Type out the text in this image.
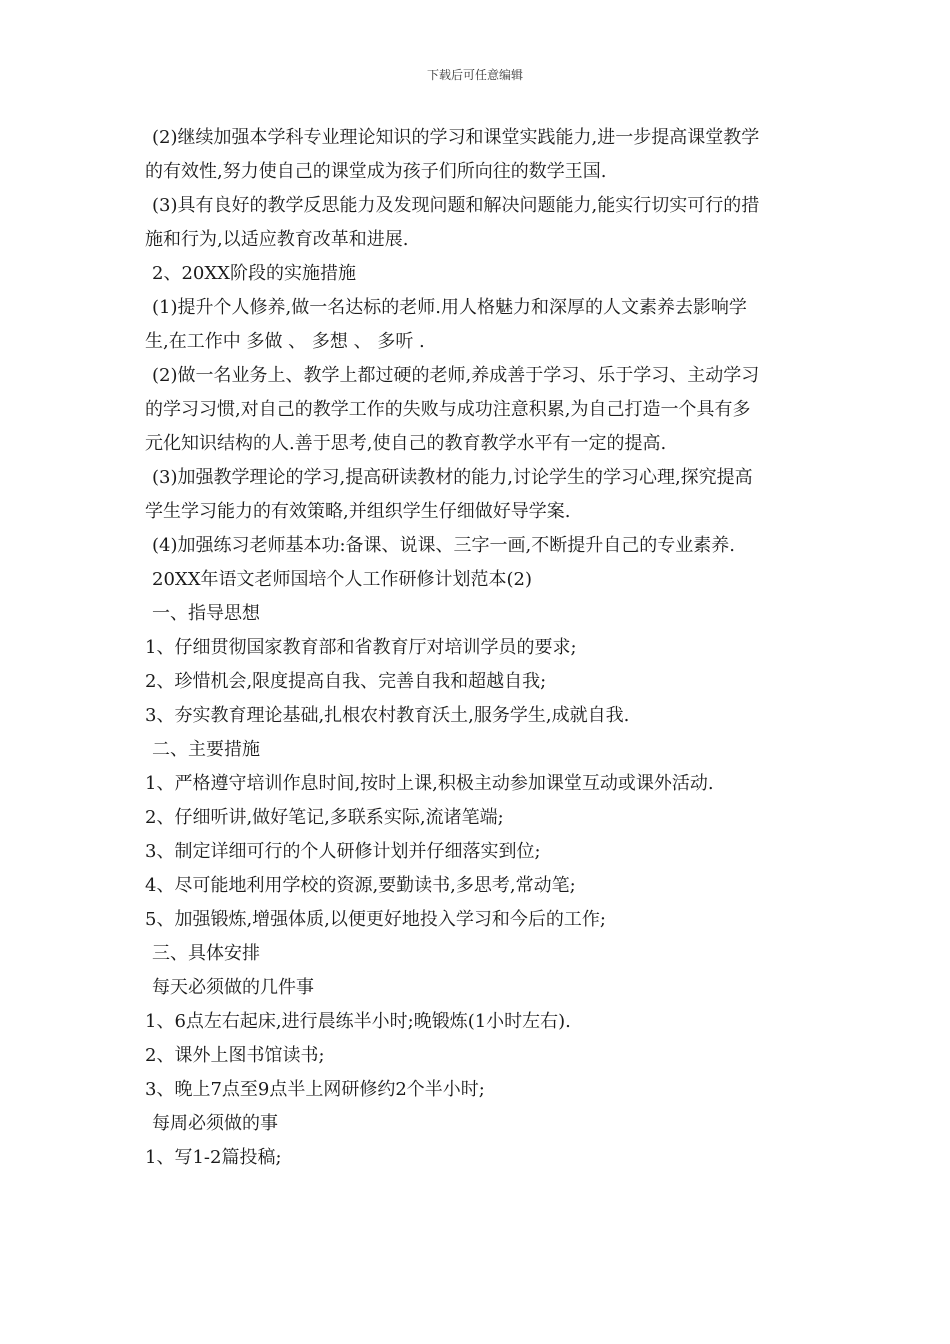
下载后可任意编辑
(2)继续加强本学科专业理论知识的学习和课堂实践能力,进一步提高课堂教学
的有效性,努力使自己的课堂成为孩子们所向往的数学王国.
(3)具有良好的教学反思能力及发现问题和解决问题能力,能实行切实可行的措
施和行为,以适应教育改革和进展.
2、20XX阶段的实施措施
(1)提升个人修养,做一名达标的老师.用人格魅力和深厚的人文素养去影响学
生,在工作中 多做 、 多想 、 多听 .
(2)做一名业务上、教学上都过硬的老师,养成善于学习、乐于学习、主动学习
的学习习惯,对自己的教学工作的失败与成功注意积累,为自己打造一个具有多
元化知识结构的人.善于思考,使自己的教育教学水平有一定的提高.
(3)加强教学理论的学习,提高研读教材的能力,讨论学生的学习心理,探究提高
学生学习能力的有效策略,并组织学生仔细做好导学案.
(4)加强练习老师基本功:备课、说课、三字一画,不断提升自己的专业素养.
20XX年语文老师国培个人工作研修计划范本(2)
一、指导思想
1、仔细贯彻国家教育部和省教育厅对培训学员的要求;
2、珍惜机会,限度提高自我、完善自我和超越自我;
3、夯实教育理论基础,扎根农村教育沃土,服务学生,成就自我.
二、主要措施
1、严格遵守培训作息时间,按时上课,积极主动参加课堂互动或课外活动.
2、仔细听讲,做好笔记,多联系实际,流诸笔端;
3、制定详细可行的个人研修计划并仔细落实到位;
4、尽可能地利用学校的资源,要勤读书,多思考,常动笔;
5、加强锻炼,增强体质,以便更好地投入学习和今后的工作;
三、具体安排
每天必须做的几件事
1、6点左右起床,进行晨练半小时;晚锻炼(1小时左右).
2、课外上图书馆读书;
3、晚上7点至9点半上网研修约2个半小时;
每周必须做的事
1、写1-2篇投稿;
